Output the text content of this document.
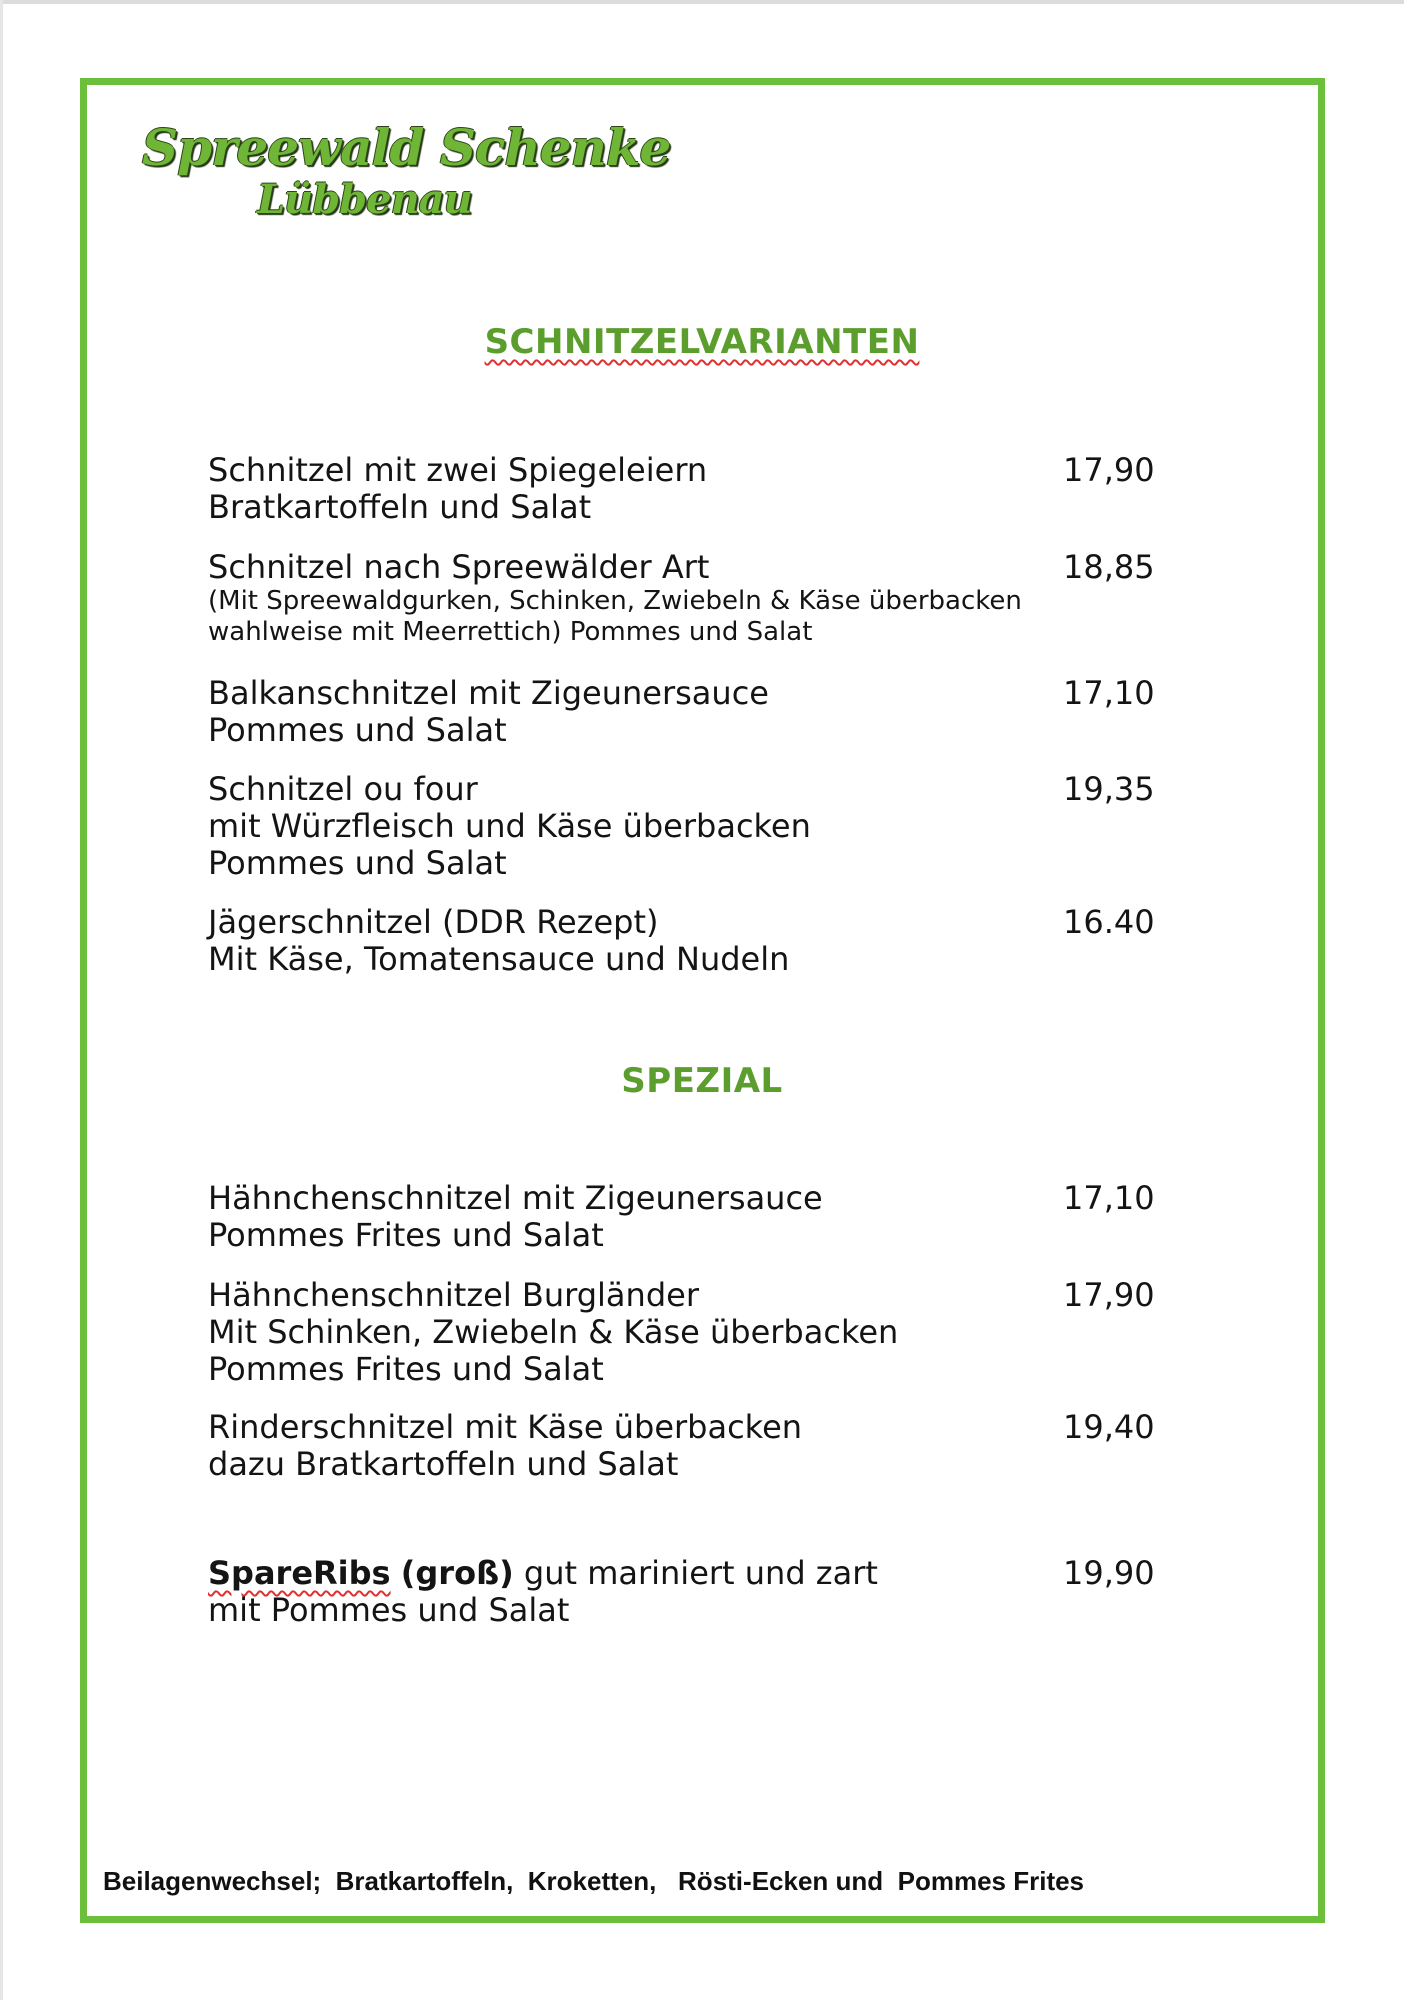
Spreewald Schenke
Lübbenau
SCHNITZELVARIANTEN
Schnitzel mit zwei Spiegeleiern
Bratkartoffeln und Salat
17,90
Schnitzel nach Spreewälder Art
(Mit Spreewaldgurken, Schinken, Zwiebeln & Käse überbacken
wahlweise mit Meerrettich) Pommes und Salat
18,85
Balkanschnitzel mit Zigeunersauce
Pommes und Salat
17,10
Schnitzel ou four
mit Würzfleisch und Käse überbacken
Pommes und Salat
19,35
Jägerschnitzel (DDR Rezept)
Mit Käse, Tomatensauce und Nudeln
16.40
SPEZIAL
Hähnchenschnitzel mit Zigeunersauce
Pommes Frites und Salat
17,10
Hähnchenschnitzel Burgländer
Mit Schinken, Zwiebeln & Käse überbacken
Pommes Frites und Salat
17,90
Rinderschnitzel mit Käse überbacken
dazu Bratkartoffeln und Salat
19,40
SpareRibs (groß) gut mariniert und zart
mit Pommes und Salat
19,90
Beilagenwechsel;  Bratkartoffeln,  Kroketten,   Rösti-Ecken und  Pommes Frites
